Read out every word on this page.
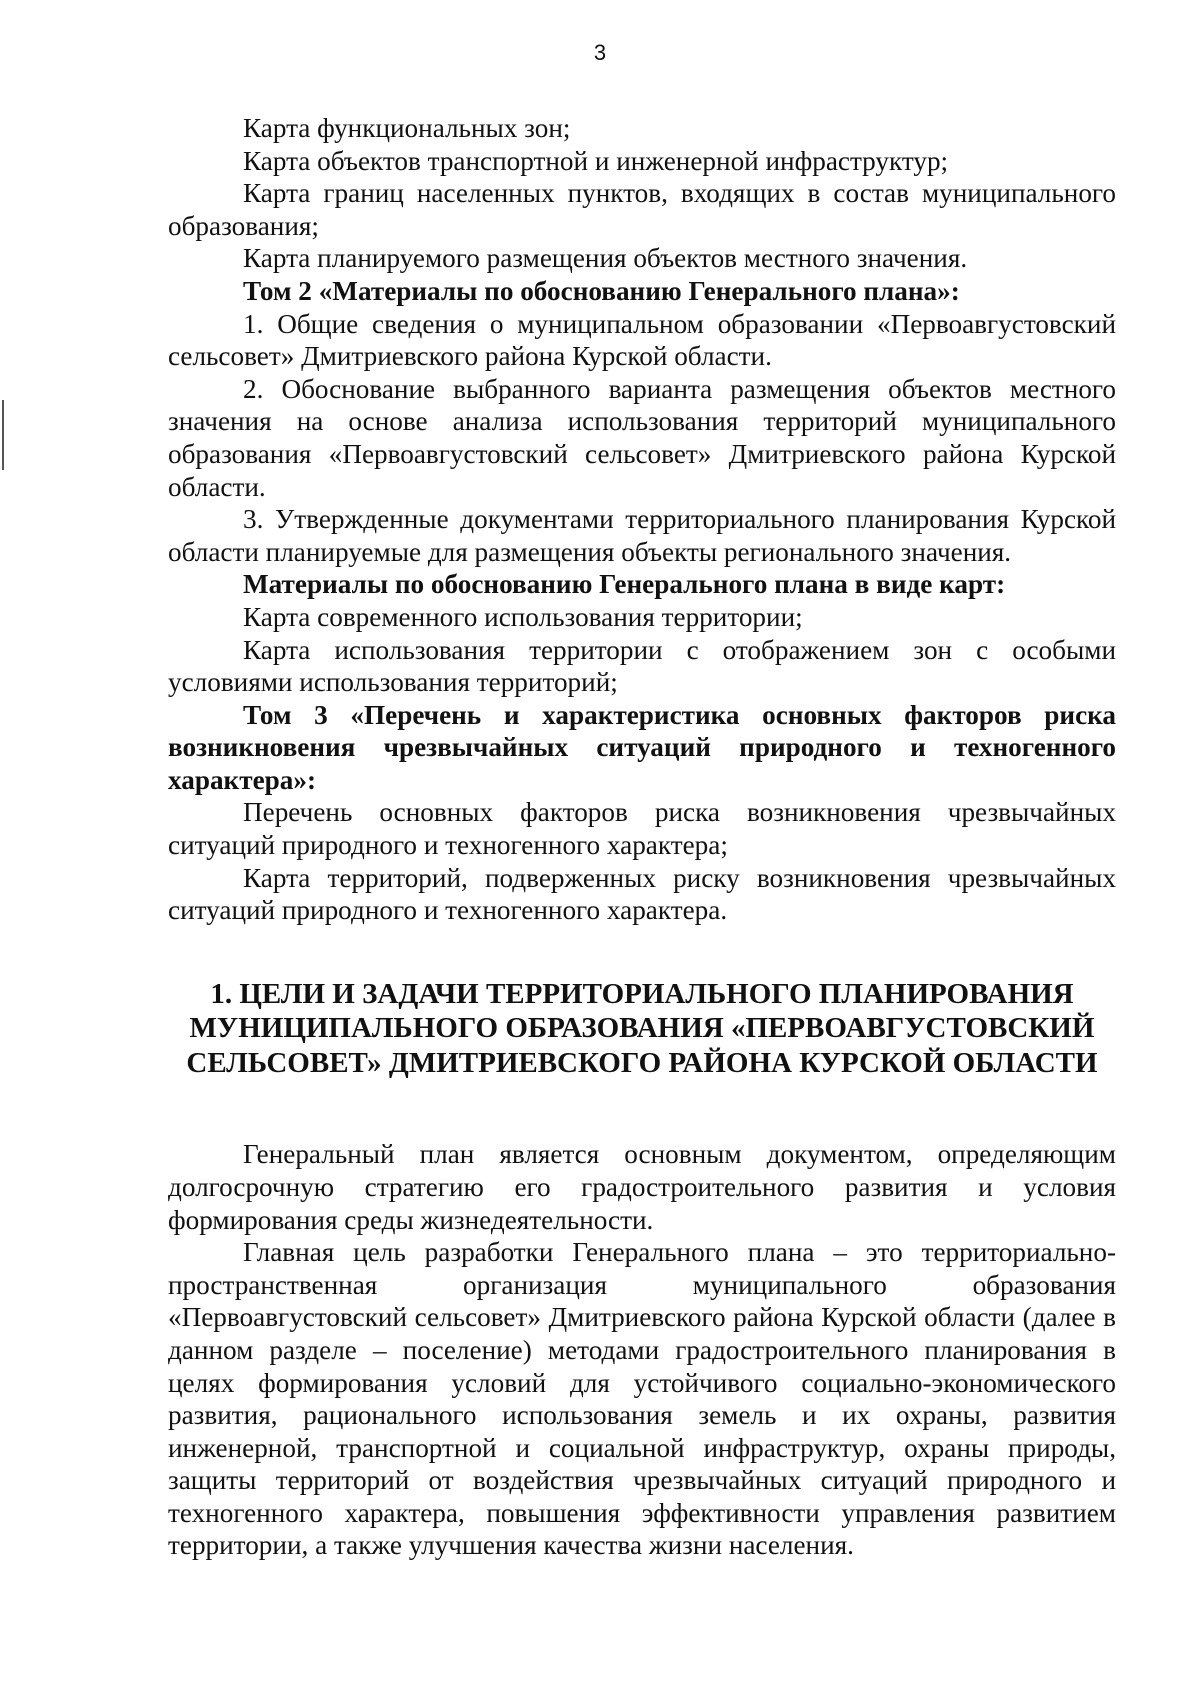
3

Карта функциональных зон;

Карта объектов транспортной и инженерной инфраструктур;

Карта границ населенных пунктов, входящих в состав муниципального образования;

Карта планируемого размещения объектов местного значения.

Том 2 «Материалы по обоснованию Генерального плана»:

1. Общие сведения о муниципальном образовании «Первоавгустовский сельсовет» Дмитриевского района Курской области.

2. Обоснование выбранного варианта размещения объектов местного значения на основе анализа использования территорий муниципального образования «Первоавгустовский сельсовет» Дмитриевского района Курской области.

3. Утвержденные документами территориального планирования Курской области планируемые для размещения объекты регионального значения.

Материалы по обоснованию Генерального плана в виде карт:

Карта современного использования территории;

Карта использования территории с отображением зон с особыми условиями использования территорий;

Том 3 «Перечень и характеристика основных факторов риска возникновения чрезвычайных ситуаций природного и техногенного характера»:

Перечень основных факторов риска возникновения чрезвычайных ситуаций природного и техногенного характера;

Карта территорий, подверженных риску возникновения чрезвычайных ситуаций природного и техногенного характера.

1. ЦЕЛИ И ЗАДАЧИ ТЕРРИТОРИАЛЬНОГО ПЛАНИРОВАНИЯ МУНИЦИПАЛЬНОГО ОБРАЗОВАНИЯ «ПЕРВОАВГУСТОВСКИЙ СЕЛЬСОВЕТ» ДМИТРИЕВСКОГО РАЙОНА КУРСКОЙ ОБЛАСТИ

Генеральный план является основным документом, определяющим долгосрочную стратегию его градостроительного развития и условия формирования среды жизнедеятельности.

Главная цель разработки Генерального плана – это территориально-пространственная организация муниципального образования «Первоавгустовский сельсовет» Дмитриевского района Курской области (далее в данном разделе – поселение) методами градостроительного планирования в целях формирования условий для устойчивого социально-экономического развития, рационального использования земель и их охраны, развития инженерной, транспортной и социальной инфраструктур, охраны природы, защиты территорий от воздействия чрезвычайных ситуаций природного и техногенного характера, повышения эффективности управления развитием территории, а также улучшения качества жизни населения.
